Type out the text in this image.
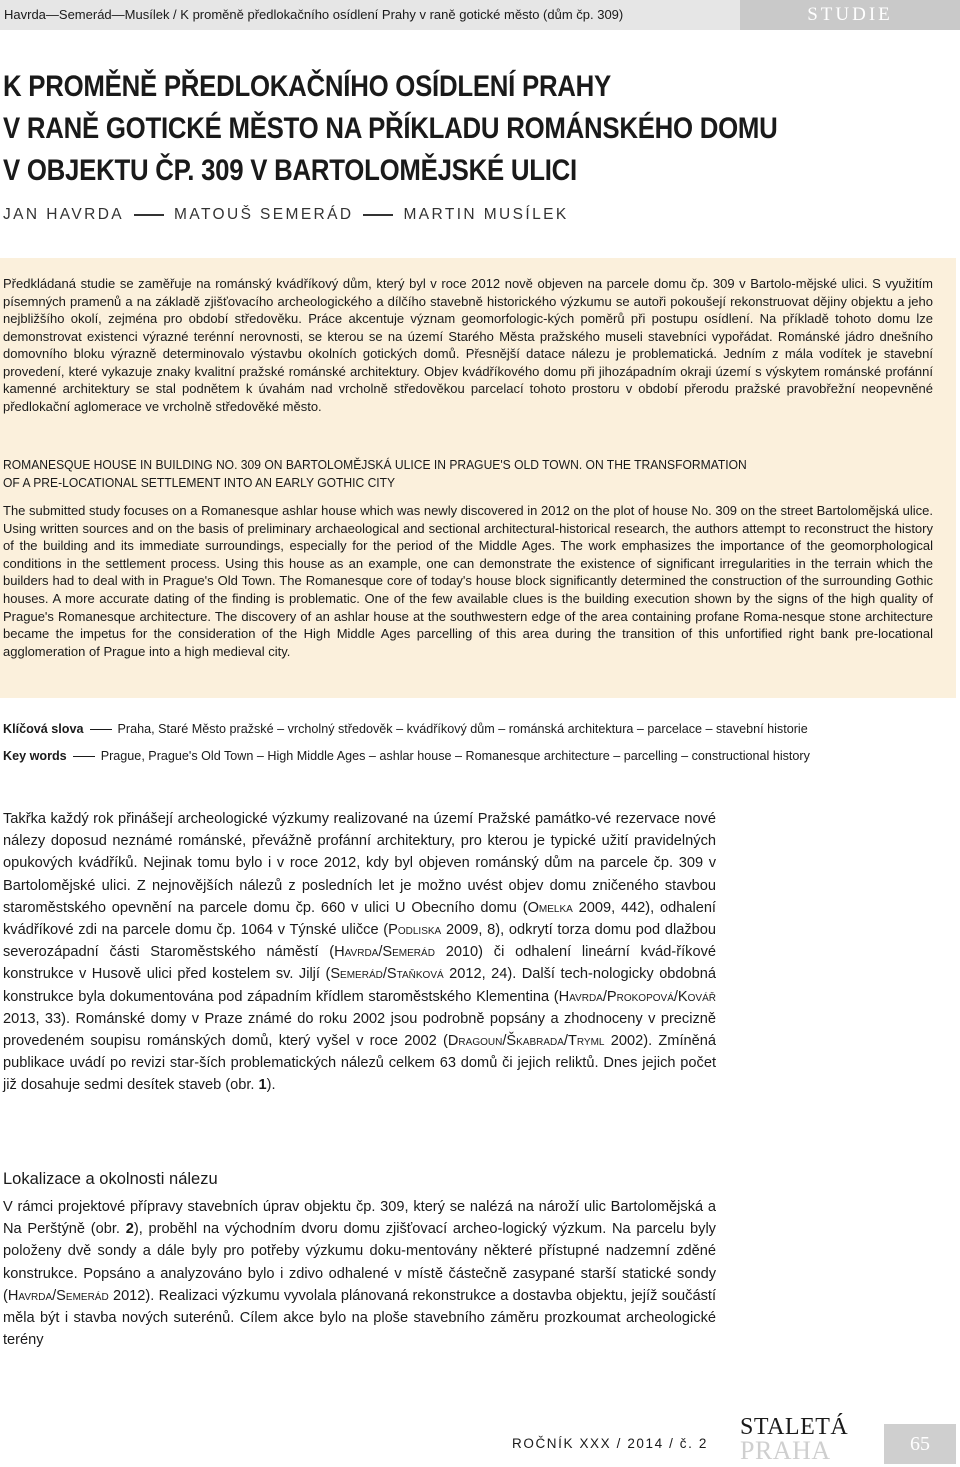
Havrda—Semerád—Musílek / K proměně předlokačního osídlení Prahy v raně gotické město (dům čp. 309)	STUDIE
K PROMĚNĚ PŘEDLOKAČNÍHO OSÍDLENÍ PRAHY
V RANĚ GOTICKÉ MĚSTO NA PŘÍKLADU ROMÁNSKÉHO DOMU
V OBJEKTU ČP. 309 V BARTOLOMĚJSKÉ ULICI
JAN HAVRDA	MATOUŠ SEMERÁD	MARTIN MUSÍLEK
Předkládaná studie se zaměřuje na románský kvádříkový dům, který byl v roce 2012 nově objeven na parcele domu čp. 309 v Bartolo-mějské ulici. S využitím písemných pramenů a na základě zjišťovacího archeologického a dílčího stavebně historického výzkumu se autoři pokoušejí rekonstruovat dějiny objektu a jeho nejbližšího okolí, zejména pro období středověku. Práce akcentuje význam geomorfologic-kých poměrů při postupu osídlení. Na příkladě tohoto domu lze demonstrovat existenci výrazné terénní nerovnosti, se kterou se na území Starého Města pražského museli stavebníci vypořádat. Románské jádro dnešního domovního bloku výrazně determinovalo výstavbu okolních gotických domů. Přesnější datace nálezu je problematická. Jedním z mála vodítek je stavební provedení, které vykazuje znaky kvalitní pražské románské architektury. Objev kvádříkového domu při jihozápadním okraji území s výskytem románské profánní kamenné architektury se stal podnětem k úvahám nad vrcholně středověkou parcelací tohoto prostoru v období přerodu pražské pravobřežní neopevněné předlokační aglomerace ve vrcholně středověké město.
ROMANESQUE HOUSE IN BUILDING NO. 309 ON BARTOLOMĚJSKÁ ULICE IN PRAGUE'S OLD TOWN. ON THE TRANSFORMATION
OF A PRE-LOCATIONAL SETTLEMENT INTO AN EARLY GOTHIC CITY
The submitted study focuses on a Romanesque ashlar house which was newly discovered in 2012 on the plot of house No. 309 on the street Bartolomějská ulice. Using written sources and on the basis of preliminary archaeological and sectional architectural-historical research, the authors attempt to reconstruct the history of the building and its immediate surroundings, especially for the period of the Middle Ages. The work emphasizes the importance of the geomorphological conditions in the settlement process. Using this house as an example, one can demonstrate the existence of significant irregularities in the terrain which the builders had to deal with in Prague's Old Town. The Romanesque core of today's house block significantly determined the construction of the surrounding Gothic houses. A more accurate dating of the finding is problematic. One of the few available clues is the building execution shown by the signs of the high quality of Prague's Romanesque architecture. The discovery of an ashlar house at the southwestern edge of the area containing profane Roma-nesque stone architecture became the impetus for the consideration of the High Middle Ages parcelling of this area during the transition of this unfortified right bank pre-locational agglomeration of Prague into a high medieval city.
Klíčová slova	Praha, Staré Město pražské – vrcholný středověk – kvádříkový dům – románská architektura – parcelace – stavební historie
Key words	Prague, Prague's Old Town – High Middle Ages – ashlar house – Romanesque architecture – parcelling – constructional history
Takřka každý rok přinášejí archeologické výzkumy realizované na území Pražské památko-vé rezervace nové nálezy doposud neznámé románské, převážně profánní architektury, pro kterou je typické užití pravidelných opukových kvádříků. Nejinak tomu bylo i v roce 2012, kdy byl objeven románský dům na parcele čp. 309 v Bartolomějské ulici. Z nejnovějších nálezů z posledních let je možno uvést objev domu zničeného stavbou staroměstského opevnění na parcele domu čp. 660 v ulici U Obecního domu (Omelka 2009, 442), odhalení kvádříkové zdi na parcele domu čp. 1064 v Týnské uličce (Podliska 2009, 8), odkrytí torza domu pod dlažbou severozápadní části Staroměstského náměstí (Havrda/Semerád 2010) či odhalení lineární kvád-říkové konstrukce v Husově ulici před kostelem sv. Jiljí (Semerád/Staňková 2012, 24). Další tech-nologicky obdobná konstrukce byla dokumentována pod západním křídlem staroměstského Klementina (Havrda/Prokopová/Kovář 2013, 33). Románské domy v Praze známé do roku 2002 jsou podrobně popsány a zhodnoceny v precizně provedeném soupisu románských domů, který vyšel v roce 2002 (Dragoun/Škabrada/Tryml 2002). Zmíněná publikace uvádí po revizi star-ších problematických nálezů celkem 63 domů či jejich reliktů. Dnes jejich počet již dosahuje sedmi desítek staveb (obr. 1).
Lokalizace a okolnosti nálezu
V rámci projektové přípravy stavebních úprav objektu čp. 309, který se nalézá na nároží ulic Bartolomějská a Na Perštýně (obr. 2), proběhl na východním dvoru domu zjišťovací archeo-logický výzkum. Na parcelu byly položeny dvě sondy a dále byly pro potřeby výzkumu doku-mentovány některé přístupné nadzemní zděné konstrukce. Popsáno a analyzováno bylo i zdivo odhalené v místě částečně zasypané starší statické sondy (Havrda/Semerád 2012). Realizaci výzkumu vyvolala plánovaná rekonstrukce a dostavba objektu, jejíž součástí měla být i stavba nových suterénů. Cílem akce bylo na ploše stavebního záměru prozkoumat archeologické terény
ROČNÍK XXX / 2014 / č. 2
STALETÁ
PRAHA	65
